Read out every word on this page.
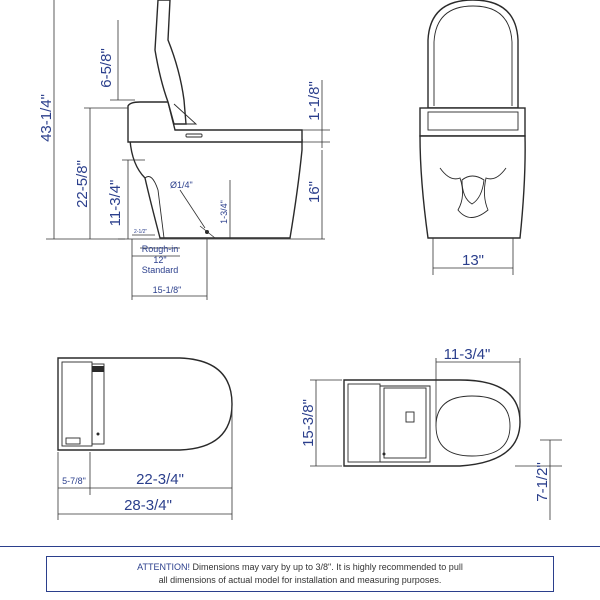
43-1/4"
6-5/8"
22-5/8" 11-3/4"
1-1/8"
16"
Ø1/4"
1-3/4"
2-1/2"
Rough-in
12"
Standard
15-1/8"
13"
5-7/8"	22-3/4"
28-3/4"
11-3/4"
15-3/8"
7-1/2"
ATTENTION! Dimensions may vary by up to 3/8". It is highly recommended to pull
all dimensions of actual model for installation and measuring purposes.
